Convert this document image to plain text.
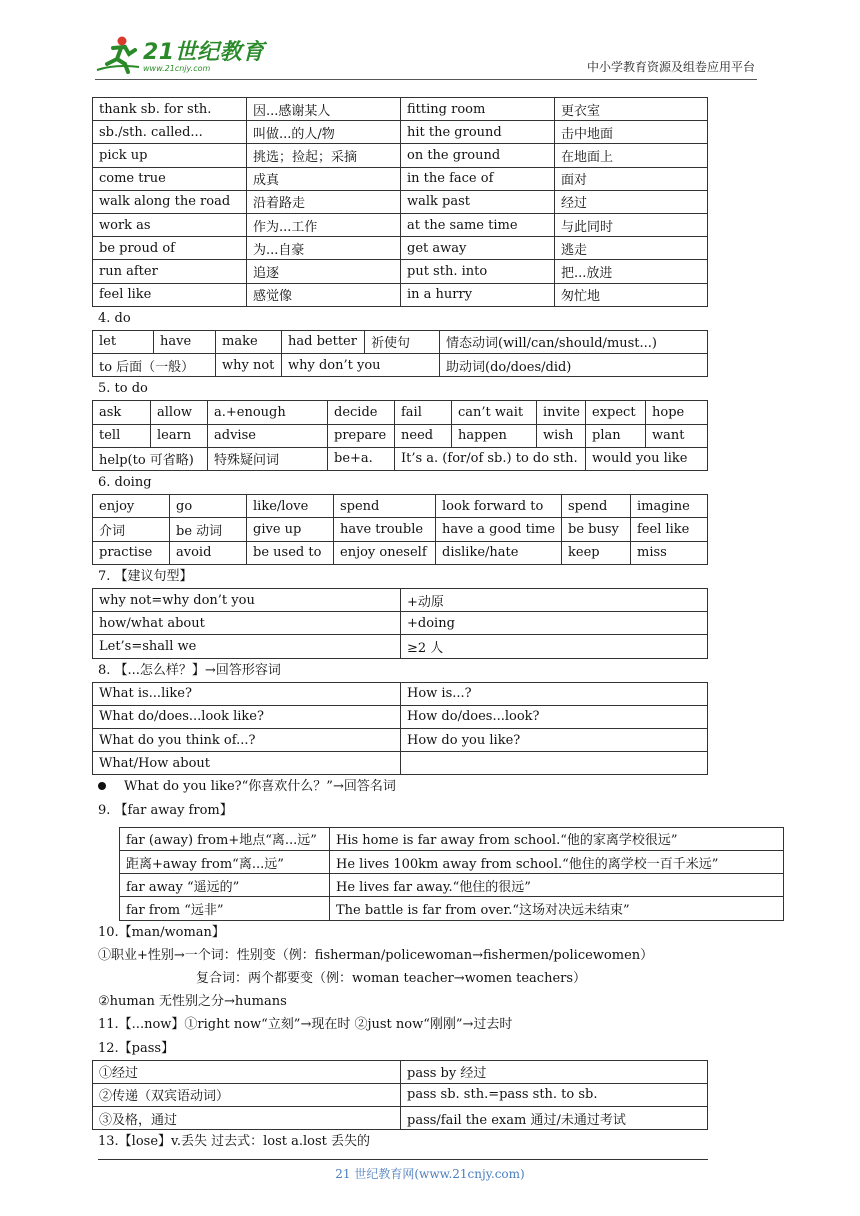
21世纪教育
www.21cnjy.com	中小学教育资源及组卷应用平台
thank sb. for sth.	因...感谢某人	fitting room	更衣室
sb./sth. called...	叫做...的人/物	hit the ground	击中地面
pick up	挑选；捡起；采摘	on the ground	在地面上
come true	成真	in the face of	面对
walk along the road	沿着路走	walk past	经过
work as	作为...工作	at the same time	与此同时
be proud of	为...自豪	get away	逃走
run after	追逐	put sth. into	把...放进
feel like	感觉像	in a hurry	匆忙地
4. do
let	have	make	had better	祈使句	情态动词(will/can/should/must...)
to 后面（一般）		why not	why don’t you		助动词(do/does/did)
5. to do
ask	allow	a.+enough	decide	fail	can’t wait	invite	expect	hope
tell	learn	advise	prepare	need	happen	wish	plan	want
help(to 可省略)		特殊疑问词	be+a.	It’s a. (for/of sb.) to do sth.			would you like	
6. doing
enjoy	go	like/love	spend	look forward to	spend	imagine
介词	be 动词	give up	have trouble	have a good time	be busy	feel like
practise	avoid	be used to	enjoy oneself	dislike/hate	keep	miss
7. 【建议句型】
why not=why don’t you	+动原
how/what about	+doing
Let’s=shall we	≥2 人
8. 【...怎么样？】→回答形容词
What is...like?	How is...?
What do/does...look like?	How do/does...look?
What do you think of...?	How do you like?
What/How about	
What do you like?“你喜欢什么？”→回答名词
9. 【far away from】
far (away) from+地点“离...远”	His home is far away from school.“他的家离学校很远”
距离+away from“离...远”	He lives 100km away from school.“他住的离学校一百千米远”
far away “遥远的”	He lives far away.“他住的很远”
far from “远非”	The battle is far from over.“这场对决远未结束”
10.【man/woman】
①职业+性别→一个词：性别变（例：fisherman/policewoman→fishermen/policewomen）
复合词：两个都要变（例：woman teacher→women teachers）
②human 无性别之分→humans
11.【...now】①right now“立刻”→现在时 ②just now“刚刚”→过去时
12.【pass】
①经过	pass by 经过
②传递（双宾语动词）	pass sb. sth.=pass sth. to sb.
③及格，通过	pass/fail the exam 通过/未通过考试
13.【lose】v.丢失 过去式：lost a.lost 丢失的
21 世纪教育网(www.21cnjy.com)
